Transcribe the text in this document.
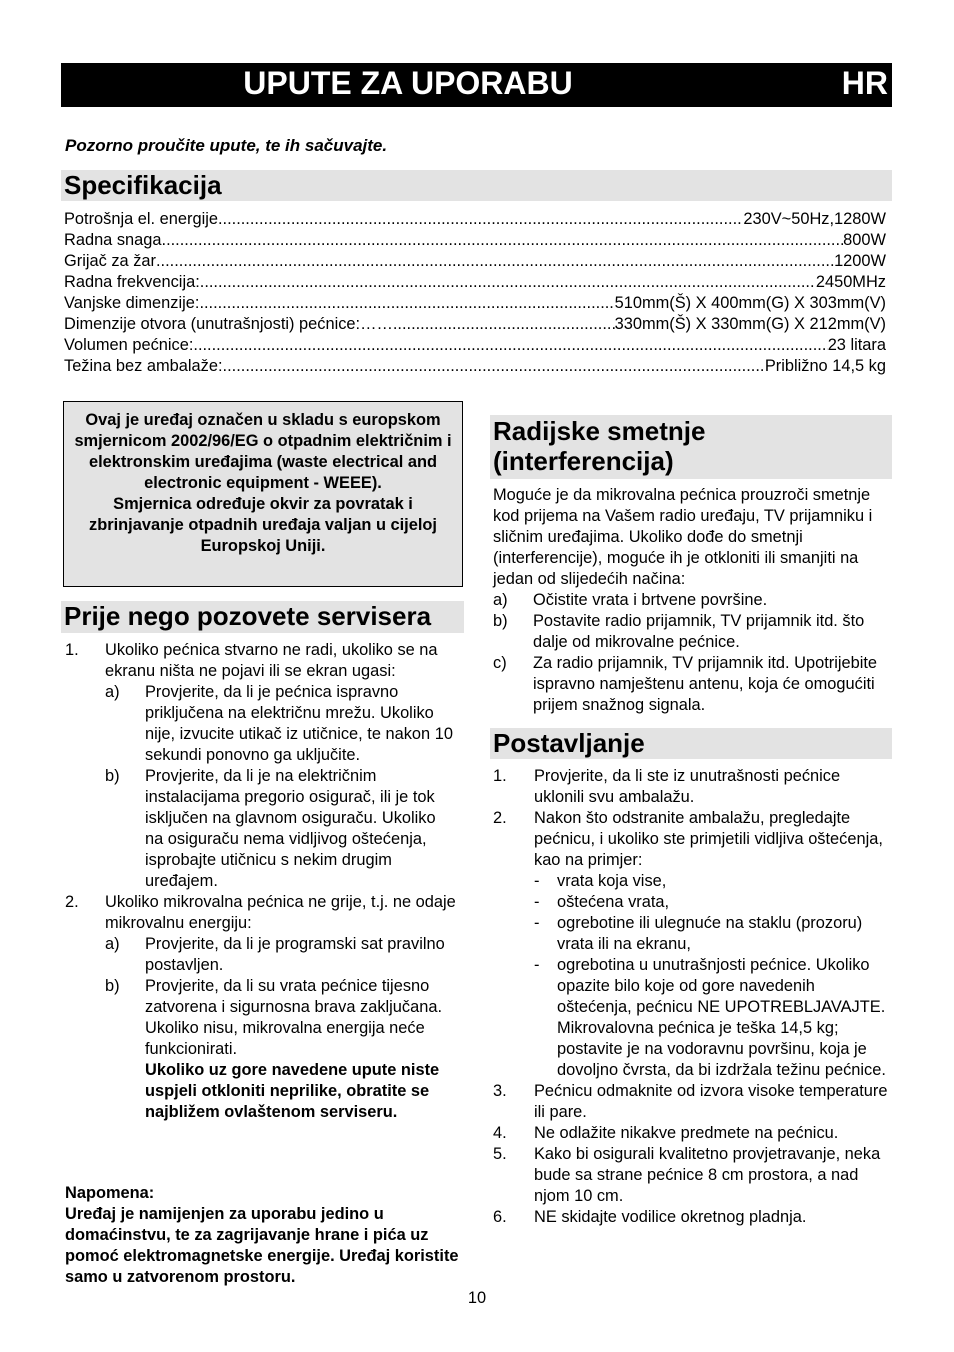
UPUTE ZA UPORABU	HR
Pozorno proučite upute, te ih sačuvajte.
Specifikacija
Potrošnja el. energije .....	230V~50Hz,1280W
Radna snaga .....	800W
Grijač za žar .....	1200W
Radna frekvencija: .....	2450MHz
Vanjske dimenzije: .....	510mm(Š) X 400mm(G) X 303mm(V)
Dimenzije otvora (unutrašnjosti) pećnice:…… .....	330mm(Š) X 330mm(G) X 212mm(V)
Volumen pećnice: .....	23 litara
Težina bez ambalaže: .....	Približno 14,5 kg
Ovaj je uređaj označen u skladu s europskom smjernicom 2002/96/EG o otpadnim električnim i elektronskim uređajima (waste electrical and electronic equipment - WEEE).
Smjernica određuje okvir za povratak i zbrinjavanje otpadnih uređaja valjan u cijeloj Europskoj Uniji.
Prije nego pozovete servisera
1.	Ukoliko pećnica stvarno ne radi, ukoliko se na ekranu ništa ne pojavi ili se ekran ugasi:
a)	Provjerite, da li je pećnica ispravno priključena na električnu mrežu. Ukoliko nije, izvucite utikač iz utičnice, te nakon 10 sekundi ponovno ga uključite.
b)	Provjerite, da li je na električnim instalacijama pregorio osigurač, ili je tok isključen na glavnom osiguraču. Ukoliko na osiguraču nema vidljivog oštećenja, isprobajte utičnicu s nekim drugim uređajem.
2.	Ukoliko mikrovalna pećnica ne grije, t.j. ne odaje mikrovalnu energiju:
a)	Provjerite, da li je programski sat pravilno postavljen.
b)	Provjerite, da li su vrata pećnice tijesno zatvorena i sigurnosna brava zaključana. Ukoliko nisu, mikrovalna energija neće funkcionirati.
Ukoliko uz gore navedene upute niste uspjeli otkloniti neprilike, obratite se najbližem ovlaštenom serviseru.
Napomena:
Uređaj je namijenjen za uporabu jedino u domaćinstvu, te za zagrijavanje hrane i pića uz pomoć elektromagnetske energije. Uređaj koristite samo u zatvorenom prostoru.
Radijske smetnje
(interferencija)
Moguće je da mikrovalna pećnica prouzroči smetnje kod prijema na Vašem radio uređaju, TV prijamniku i sličnim uređajima. Ukoliko dođe do smetnji (interferencije), moguće ih je otkloniti ili smanjiti na jedan od slijedećih načina:
a)	Očistite vrata i brtvene površine.
b)	Postavite radio prijamnik, TV prijamnik itd. što dalje od mikrovalne pećnice.
c)	Za radio prijamnik, TV prijamnik itd. Upotrijebite ispravno namještenu antenu, koja će omogućiti prijem snažnog signala.
Postavljanje
1.	Provjerite, da li ste iz unutrašnosti pećnice uklonili svu ambalažu.
2.	Nakon što odstranite ambalažu, pregledajte pećnicu, i ukoliko ste primjetili vidljiva oštećenja, kao na primjer:
-	vrata koja vise,
-	oštećena vrata,
-	ogrebotine ili ulegnuće na staklu (prozoru) vrata ili na ekranu,
-	ogrebotina u unutrašnjosti pećnice. Ukoliko opazite bilo koje od gore navedenih oštećenja, pećnicu NE UPOTREBLJAVAJTE. Mikrovalovna pećnica je teška 14,5 kg; postavite je na vodoravnu površinu, koja je dovoljno čvrsta, da bi izdržala težinu pećnice.
3.	Pećnicu odmaknite od izvora visoke temperature ili pare.
4.	Ne odlažite nikakve predmete na pećnicu.
5.	Kako bi osigurali kvalitetno provjetravanje, neka bude sa strane pećnice 8 cm prostora, a nad njom 10 cm.
6.	NE skidajte vodilice okretnog pladnja.
10
